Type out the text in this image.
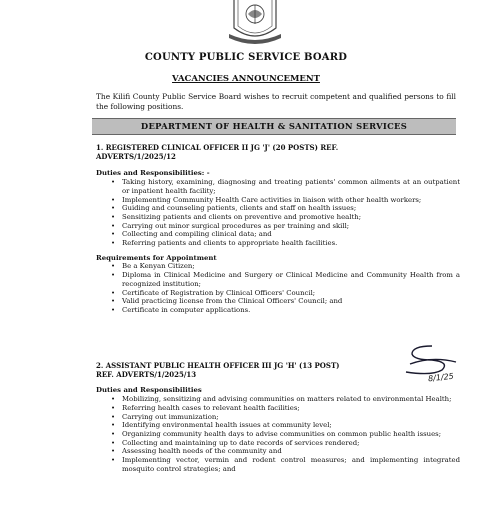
COUNTY PUBLIC SERVICE BOARD
VACANCIES ANNOUNCEMENT
The Kilifi County Public Service Board wishes to recruit competent and qualified persons to fill the following positions.
DEPARTMENT OF HEALTH & SANITATION SERVICES
1. REGISTERED CLINICAL OFFICER II JG 'J' (20 POSTS) REF.
ADVERTS/1/2025/12
Duties and Responsibilities: -
• Taking history, examining, diagnosing and treating patients' common ailments at an outpatient or inpatient health facility;
• Implementing Community Health Care activities in liaison with other health workers;
• Guiding and counseling patients, clients and staff on health issues;
• Sensitizing patients and clients on preventive and promotive health;
• Carrying out minor surgical procedures as per training and skill;
• Collecting and compiling clinical data; and
• Referring patients and clients to appropriate health facilities.
Requirements for Appointment
• Be a Kenyan Citizen;
• Diploma in Clinical Medicine and Surgery or Clinical Medicine and Community Health from a recognized institution;
• Certificate of Registration by Clinical Officers' Council;
• Valid practicing license from the Clinical Officers' Council; and
• Certificate in computer applications.
2. ASSISTANT PUBLIC HEALTH OFFICER III JG 'H' (13 POST)
REF. ADVERTS/1/2025/13
Duties and Responsibilities
• Mobilizing, sensitizing and advising communities on matters related to environmental Health;
• Referring health cases to relevant health facilities;
• Carrying out immunization;
• Identifying environmental health issues at community level;
• Organizing community health days to advise communities on common public health issues;
• Collecting and maintaining up to date records of services rendered;
• Assessing health needs of the community and
• Implementing vector, vermin and rodent control measures; and implementing integrated mosquito control strategies; and
8/1/25
